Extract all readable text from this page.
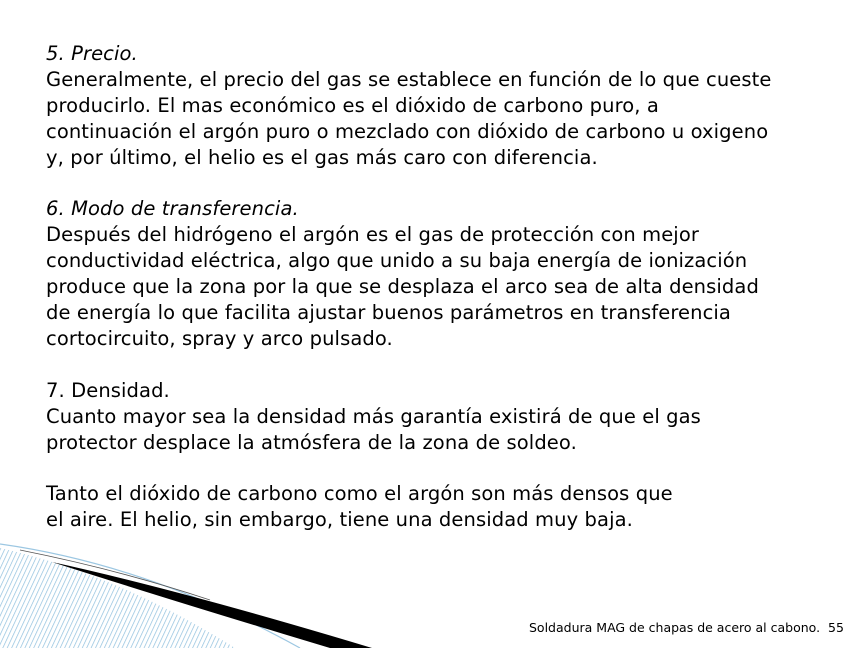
5. Precio.
Generalmente, el precio del gas se establece en función de lo que cueste
producirlo. El mas económico es el dióxido de carbono puro, a
continuación el argón puro o mezclado con dióxido de carbono u oxigeno
y, por último, el helio es el gas más caro con diferencia.
6. Modo de transferencia.
Después del hidrógeno el argón es el gas de protección con mejor
conductividad eléctrica, algo que unido a su baja energía de ionización
produce que la zona por la que se desplaza el arco sea de alta densidad
de energía lo que facilita ajustar buenos parámetros en transferencia
cortocircuito, spray y arco pulsado.
7. Densidad.
Cuanto mayor sea la densidad más garantía existirá de que el gas
protector desplace la atmósfera de la zona de soldeo.
Tanto el dióxido de carbono como el argón son más densos que
el aire. El helio, sin embargo, tiene una densidad muy baja.
Soldadura MAG de chapas de acero al cabono. 55
